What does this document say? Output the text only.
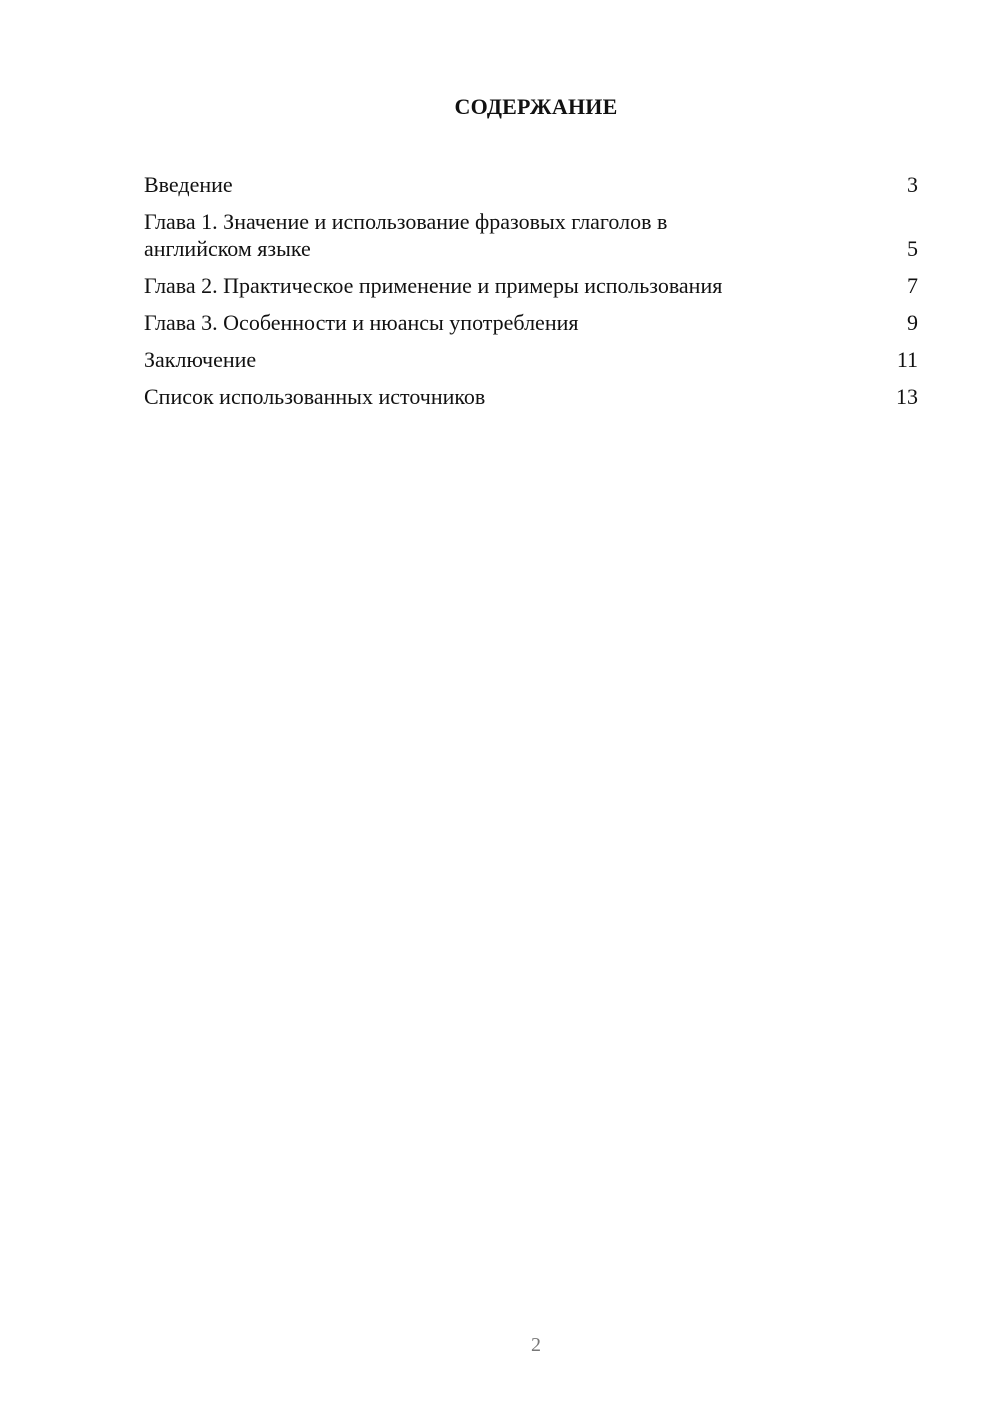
СОДЕРЖАНИЕ
Введение	3
Глава 1. Значение и использование фразовых глаголов в английском языке	5
Глава 2. Практическое применение и примеры использования	7
Глава 3. Особенности и нюансы употребления	9
Заключение	11
Список использованных источников	13
2
